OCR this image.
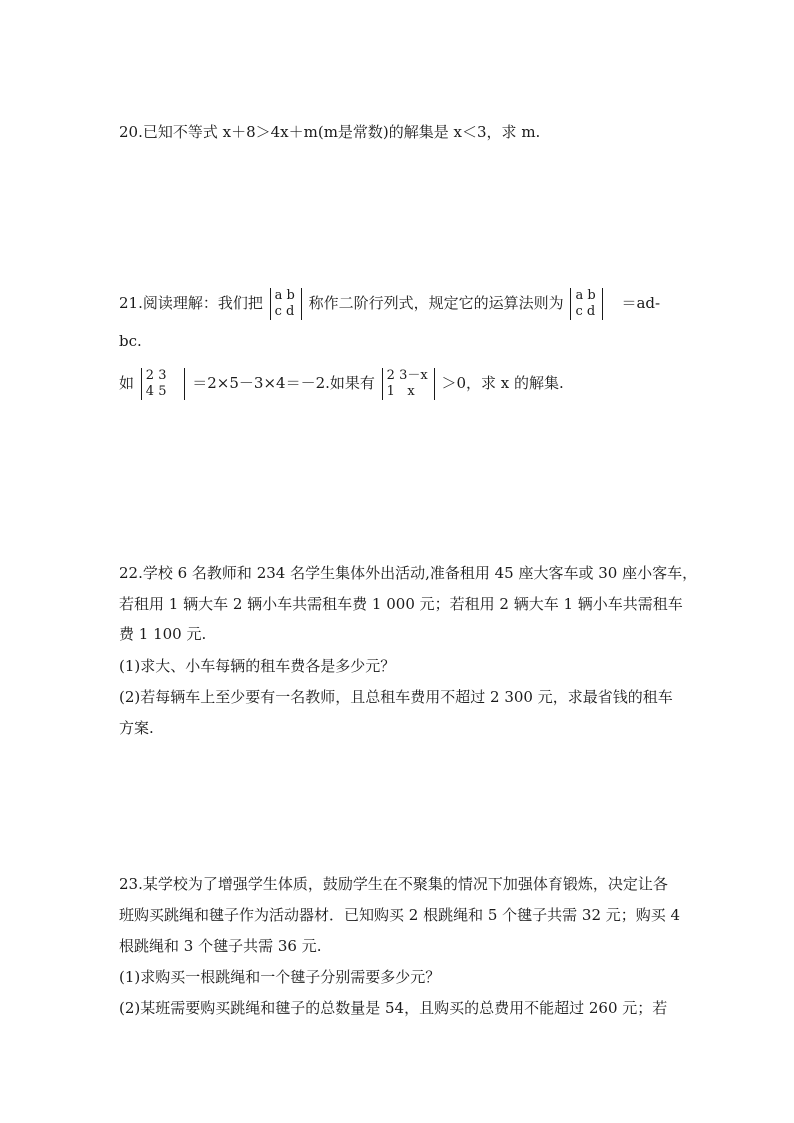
20.已知不等式 x＋8＞4x＋m(m是常数)的解集是 x＜3，求 m.
21.阅读理解：我们把 a b
c d 称作二阶行列式，规定它的运算法则为 a b
c d ＝ad-
bc.
如 2 3
4 5 ＝2×5－3×4＝－2.如果有 2 3－x
1   x	＞0，求 x 的解集.
22.学校 6 名教师和 234 名学生集体外出活动,准备租用 45 座大客车或 30 座小客车，
若租用 1 辆大车 2 辆小车共需租车费 1 000 元；若租用 2 辆大车 1 辆小车共需租车
费 1 100 元.
(1)求大、小车每辆的租车费各是多少元？
(2)若每辆车上至少要有一名教师，且总租车费用不超过 2 300 元，求最省钱的租车
方案.
23.某学校为了增强学生体质，鼓励学生在不聚集的情况下加强体育锻炼，决定让各
班购买跳绳和毽子作为活动器材．已知购买 2 根跳绳和 5 个毽子共需 32 元；购买 4
根跳绳和 3 个毽子共需 36 元.
(1)求购买一根跳绳和一个毽子分别需要多少元？
(2)某班需要购买跳绳和毽子的总数量是 54，且购买的总费用不能超过 260 元；若
